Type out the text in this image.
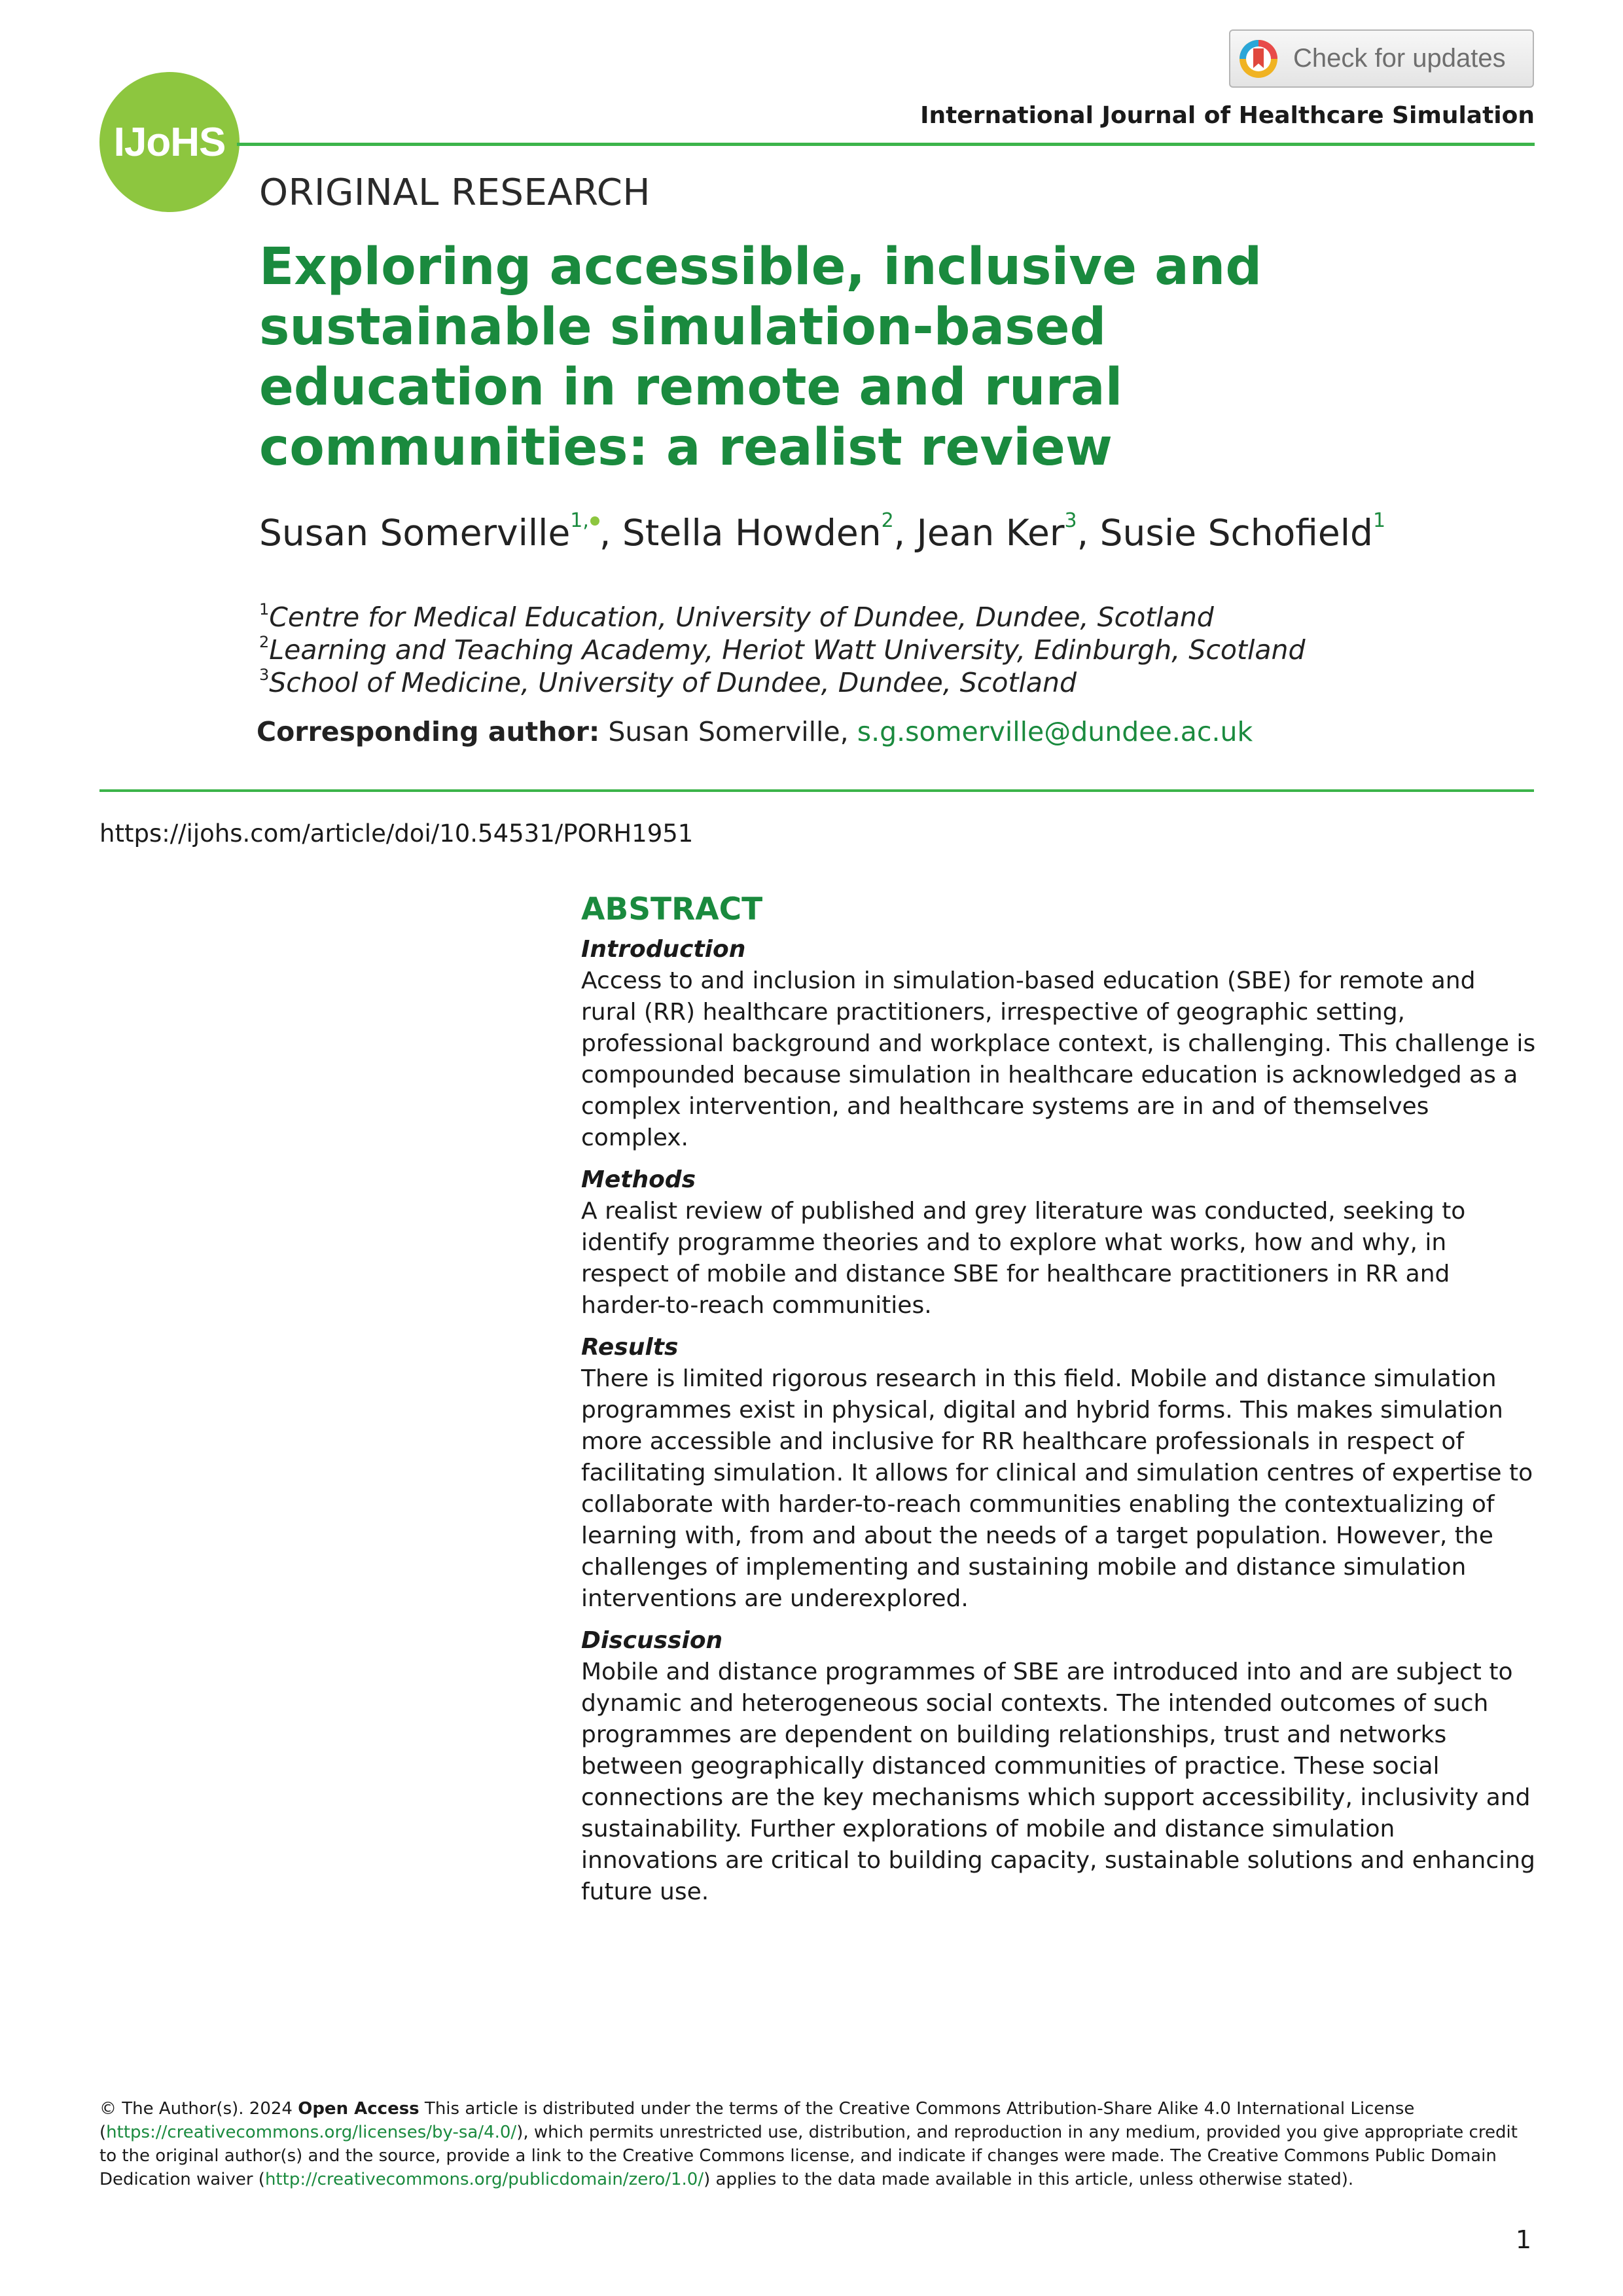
Check for updates
IJoHS
International Journal of Healthcare Simulation
ORIGINAL RESEARCH
Exploring accessible, inclusive and sustainable simulation-based education in remote and rural communities: a realist review
Susan Somerville$^{1,}$ , Stella Howden$^2$, Jean Ker$^3$, Susie Schofield$^1$
$^1$Centre for Medical Education, University of Dundee, Dundee, Scotland
$^2$Learning and Teaching Academy, Heriot Watt University, Edinburgh, Scotland
$^3$School of Medicine, University of Dundee, Dundee, Scotland
Corresponding author: Susan Somerville, s.g.somerville@dundee.ac.uk
https://ijohs.com/article/doi/10.54531/PORH1951
ABSTRACT
Introduction

Access to and inclusion in simulation-based education (SBE) for remote and rural (RR) healthcare practitioners, irrespective of geographic setting, professional background and workplace context, is challenging. This challenge is compounded because simulation in healthcare education is acknowledged as a complex intervention, and healthcare systems are in and of themselves complex.

Methods

A realist review of published and grey literature was conducted, seeking to identify programme theories and to explore what works, how and why, in respect of mobile and distance SBE for healthcare practitioners in RR and harder-to-reach communities.

Results

There is limited rigorous research in this field. Mobile and distance simulation programmes exist in physical, digital and hybrid forms. This makes simulation more accessible and inclusive for RR healthcare professionals in respect of facilitating simulation. It allows for clinical and simulation centres of expertise to collaborate with harder-to-reach communities enabling the contextualizing of learning with, from and about the needs of a target population. However, the challenges of implementing and sustaining mobile and distance simulation interventions are underexplored.

Discussion

Mobile and distance programmes of SBE are introduced into and are subject to dynamic and heterogeneous social contexts. The intended outcomes of such programmes are dependent on building relationships, trust and networks between geographically distanced communities of practice. These social connections are the key mechanisms which support accessibility, inclusivity and sustainability. Further explorations of mobile and distance simulation innovations are critical to building capacity, sustainable solutions and enhancing future use.

© The Author(s). 2024 Open Access This article is distributed under the terms of the Creative Commons Attribution-Share Alike 4.0 International License (https://creativecommons.org/licenses/by-sa/4.0/), which permits unrestricted use, distribution, and reproduction in any medium, provided you give appropriate credit to the original author(s) and the source, provide a link to the Creative Commons license, and indicate if changes were made. The Creative Commons Public Domain Dedication waiver (http://creativecommons.org/publicdomain/zero/1.0/) applies to the data made available in this article, unless otherwise stated).
1
